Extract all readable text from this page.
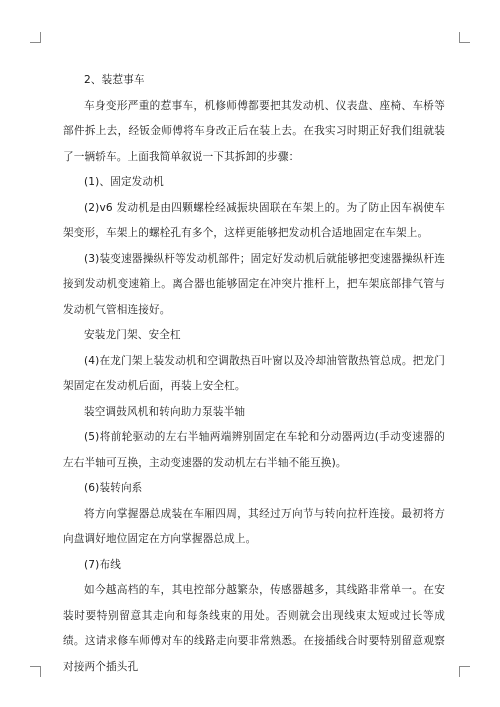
2、装惹事车

车身变形严重的惹事车，机修师傅都要把其发动机、仪表盘、座椅、车桥等部件拆上去，经钣金师傅将车身改正后在装上去。在我实习时期正好我们组就装了一辆轿车。上面我简单叙说一下其拆卸的步骤：

(1)、固定发动机

(2)v6 发动机是由四颗螺栓经减振块固联在车架上的。为了防止因车祸使车架变形，车架上的螺栓孔有多个，这样更能够把发动机合适地固定在车架上。

(3)装变速器操纵杆等发动机部件；固定好发动机后就能够把变速器操纵杆连接到发动机变速箱上。离合器也能够固定在冲突片推杆上，把车架底部排气管与发动机气管相连接好。

安装龙门架、安全杠

(4)在龙门架上装发动机和空调散热百叶窗以及冷却油管散热管总成。把龙门架固定在发动机后面，再装上安全杠。

装空调鼓风机和转向助力泵装半轴

(5)将前轮驱动的左右半轴两端辨别固定在车轮和分动器两边(手动变速器的左右半轴可互换，主动变速器的发动机左右半轴不能互换)。

(6)装转向系

将方向掌握器总成装在车厢四周，其经过万向节与转向拉杆连接。最初将方向盘调好地位固定在方向掌握器总成上。

(7)布线

如今越高档的车，其电控部分越繁杂，传感器越多，其线路非常单一。在安装时要特别留意其走向和每条线束的用处。否则就会出现线束太短或过长等成绩。这请求修车师傅对车的线路走向要非常熟悉。在接插线合时要特别留意观察对接两个插头孔
